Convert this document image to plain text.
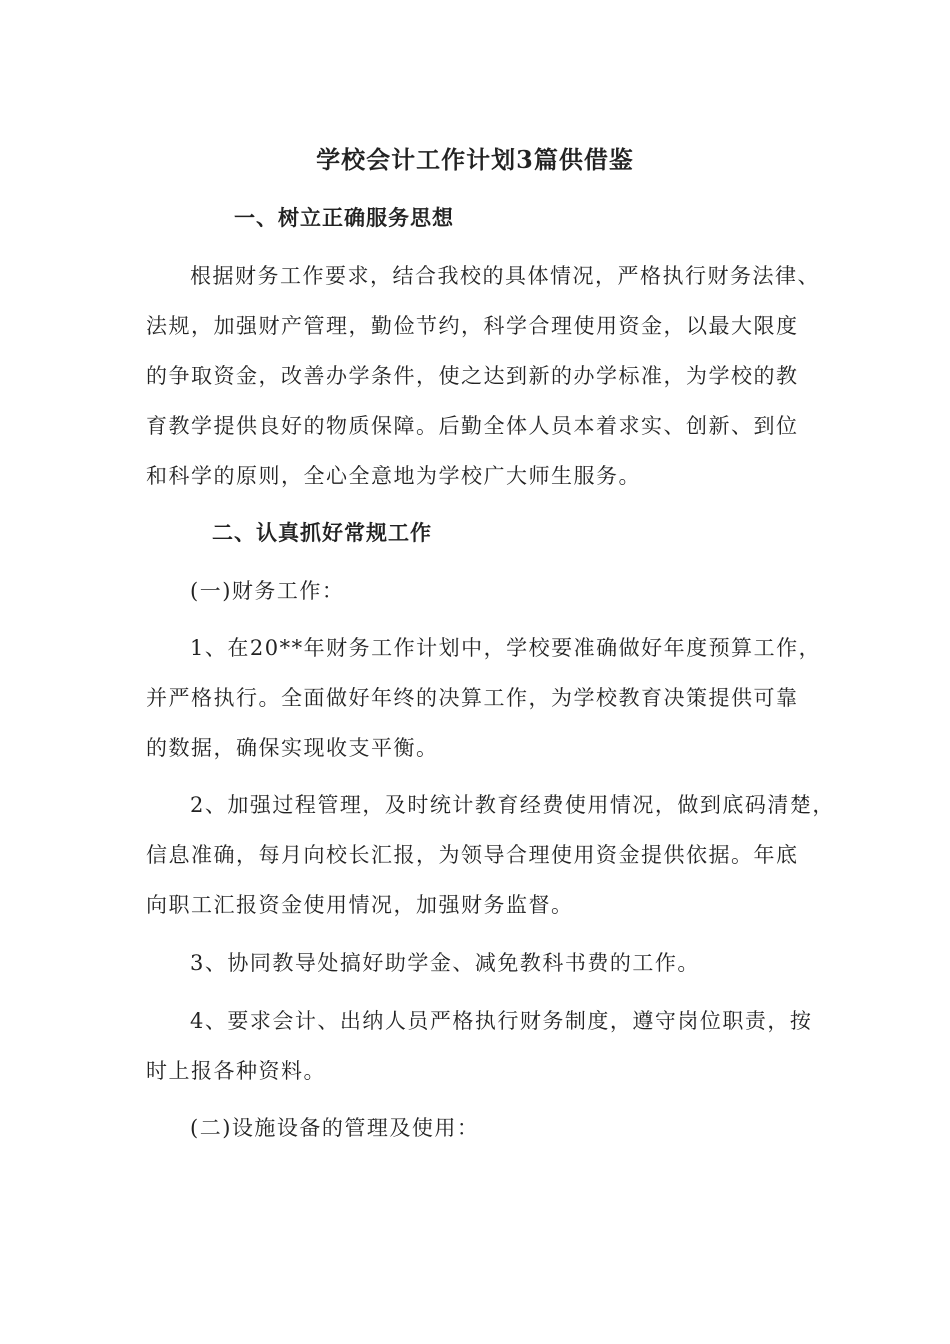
学校会计工作计划3篇供借鉴
一、树立正确服务思想
根据财务工作要求，结合我校的具体情况，严格执行财务法律、
法规，加强财产管理，勤俭节约，科学合理使用资金，以最大限度
的争取资金，改善办学条件，使之达到新的办学标准，为学校的教
育教学提供良好的物质保障。后勤全体人员本着求实、创新、到位
和科学的原则，全心全意地为学校广大师生服务。
二、认真抓好常规工作
(一)财务工作：
1、在20**年财务工作计划中，学校要准确做好年度预算工作，
并严格执行。全面做好年终的决算工作，为学校教育决策提供可靠
的数据，确保实现收支平衡。
2、加强过程管理，及时统计教育经费使用情况，做到底码清楚，
信息准确，每月向校长汇报，为领导合理使用资金提供依据。年底
向职工汇报资金使用情况，加强财务监督。
3、协同教导处搞好助学金、减免教科书费的工作。
4、要求会计、出纳人员严格执行财务制度，遵守岗位职责，按
时上报各种资料。
(二)设施设备的管理及使用：
